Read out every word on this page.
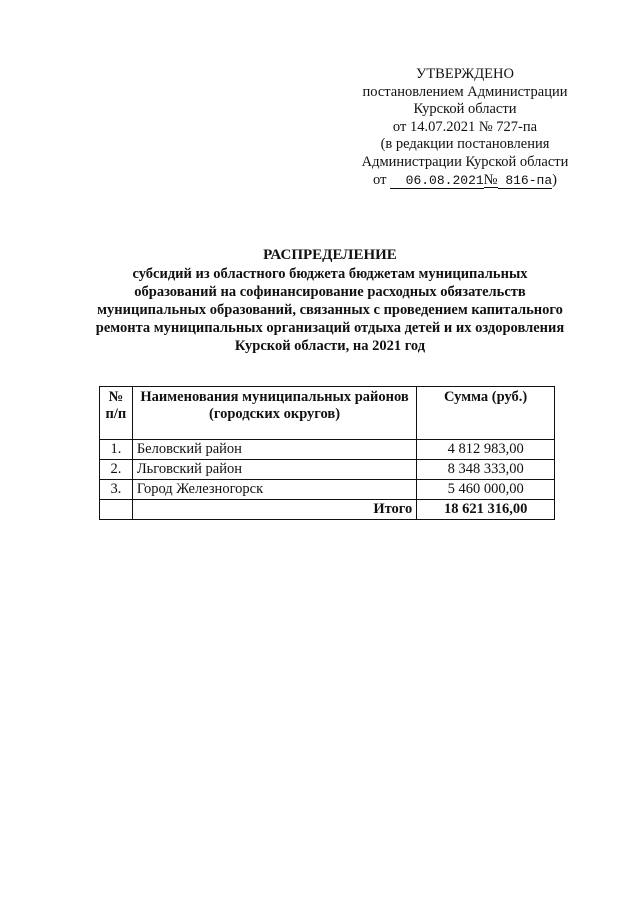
УТВЕРЖДЕНО
постановлением Администрации
Курской области
от 14.07.2021 № 727-па
(в редакции постановления
Администрации Курской области
от 06.08.2021№ 816-па)
РАСПРЕДЕЛЕНИЕ
субсидий из областного бюджета бюджетам муниципальных
образований на софинансирование расходных обязательств
муниципальных образований, связанных с проведением капитального
ремонта муниципальных организаций отдыха детей и их оздоровления
Курской области, на 2021 год
№ п/п	Наименования муниципальных районов (городских округов)	Сумма (руб.)
1.	Беловский район	4 812 983,00
2.	Льговский район	8 348 333,00
3.	Город Железногорск	5 460 000,00
	Итого	18 621 316,00
